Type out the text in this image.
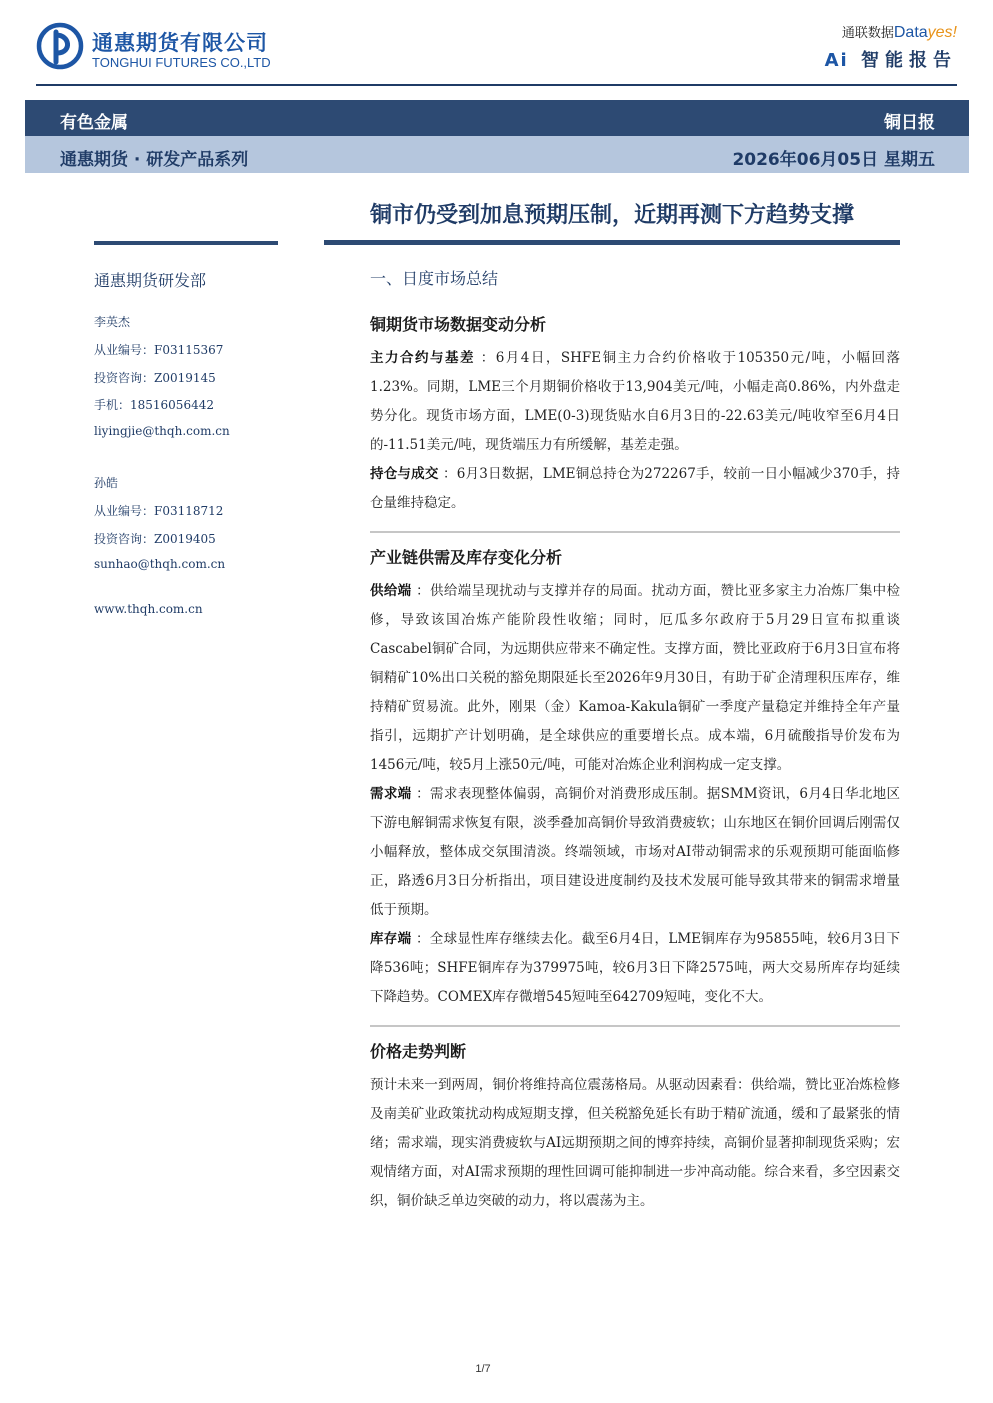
通惠期货有限公司
TONGHUI FUTURES CO.,LTD
通联数据Datayes!
Ai 智能报告
有色金属	铜日报
通惠期货 · 研发产品系列	2026年06月05日 星期五
铜市仍受到加息预期压制，近期再测下方趋势支撑
通惠期货研发部
李英杰
从业编号：F03115367
投资咨询：Z0019145
手机：18516056442
liyingjie@thqh.com.cn
孙皓
从业编号：F03118712
投资咨询：Z0019405
sunhao@thqh.com.cn
www.thqh.com.cn
一、日度市场总结
铜期货市场数据变动分析

主力合约与基差 ：6月4日，SHFE铜主力合约价格收于105350元/吨，小幅回落1.23%。同期，LME三个月期铜价格收于13,904美元/吨，小幅走高0.86%，内外盘走势分化。现货市场方面，LME(0-3)现货贴水自6月3日的-22.63美元/吨收窄至6月4日的-11.51美元/吨，现货端压力有所缓解，基差走强。

持仓与成交 ：6月3日数据，LME铜总持仓为272267手，较前一日小幅减少370手，持仓量维持稳定。

产业链供需及库存变化分析

供给端 ：供给端呈现扰动与支撑并存的局面。扰动方面，赞比亚多家主力冶炼厂集中检修，导致该国冶炼产能阶段性收缩；同时，厄瓜多尔政府于5月29日宣布拟重谈Cascabel铜矿合同，为远期供应带来不确定性。支撑方面，赞比亚政府于6月3日宣布将铜精矿10%出口关税的豁免期限延长至2026年9月30日，有助于矿企清理积压库存，维持精矿贸易流。此外，刚果（金）Kamoa-Kakula铜矿一季度产量稳定并维持全年产量指引，远期扩产计划明确，是全球供应的重要增长点。成本端，6月硫酸指导价发布为1456元/吨，较5月上涨50元/吨，可能对冶炼企业利润构成一定支撑。

需求端 ：需求表现整体偏弱，高铜价对消费形成压制。据SMM资讯，6月4日华北地区下游电解铜需求恢复有限，淡季叠加高铜价导致消费疲软；山东地区在铜价回调后刚需仅小幅释放，整体成交氛围清淡。终端领域，市场对AI带动铜需求的乐观预期可能面临修正，路透6月3日分析指出，项目建设进度制约及技术发展可能导致其带来的铜需求增量低于预期。

库存端 ：全球显性库存继续去化。截至6月4日，LME铜库存为95855吨，较6月3日下降536吨；SHFE铜库存为379975吨，较6月3日下降2575吨，两大交易所库存均延续下降趋势。COMEX库存微增545短吨至642709短吨，变化不大。

价格走势判断

预计未来一到两周，铜价将维持高位震荡格局。从驱动因素看：供给端，赞比亚冶炼检修及南美矿业政策扰动构成短期支撑，但关税豁免延长有助于精矿流通，缓和了最紧张的情绪；需求端，现实消费疲软与AI远期预期之间的博弈持续，高铜价显著抑制现货采购；宏观情绪方面，对AI需求预期的理性回调可能抑制进一步冲高动能。综合来看，多空因素交织，铜价缺乏单边突破的动力，将以震荡为主。

1/7
